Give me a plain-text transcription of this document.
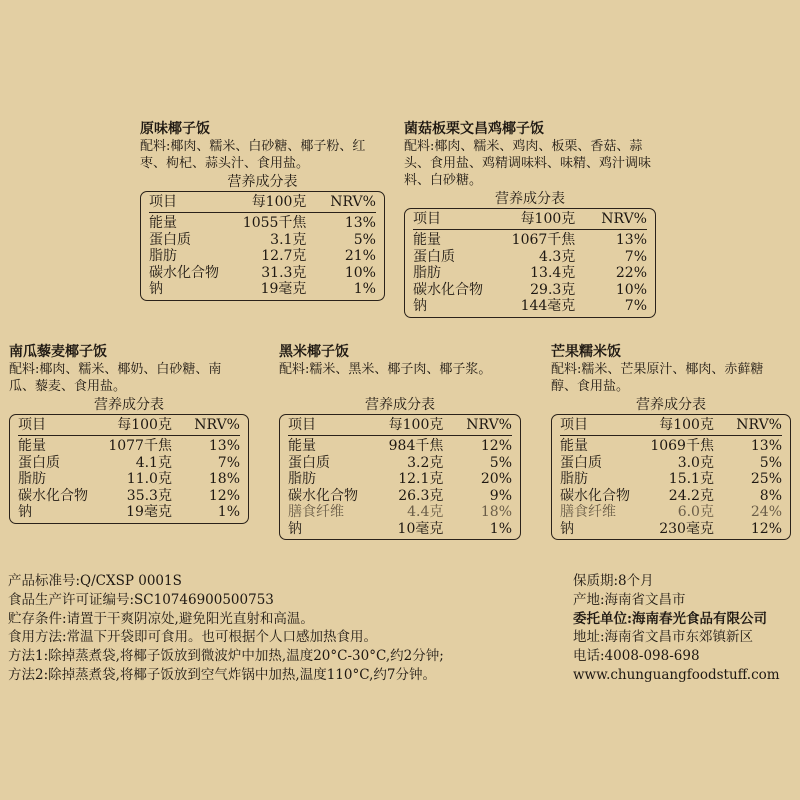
原味椰子饭
配料:椰肉、糯米、白砂糖、椰子粉、红枣、枸杞、蒜头汁、食用盐。
营养成分表
项目	每100克	NRV%
能量	1055千焦	13%
蛋白质	3.1克	5%
脂肪	12.7克	21%
碳水化合物	31.3克	10%
钠	19毫克	1%
菌菇板栗文昌鸡椰子饭
配料:椰肉、糯米、鸡肉、板栗、香菇、蒜头、食用盐、鸡精调味料、味精、鸡汁调味料、白砂糖。
营养成分表
项目	每100克	NRV%
能量	1067千焦	13%
蛋白质	4.3克	7%
脂肪	13.4克	22%
碳水化合物	29.3克	10%
钠	144毫克	7%
南瓜藜麦椰子饭
配料:椰肉、糯米、椰奶、白砂糖、南瓜、藜麦、食用盐。
营养成分表
项目	每100克	NRV%
能量	1077千焦	13%
蛋白质	4.1克	7%
脂肪	11.0克	18%
碳水化合物	35.3克	12%
钠	19毫克	1%
黑米椰子饭
配料:糯米、黑米、椰子肉、椰子浆。
营养成分表
项目	每100克	NRV%
能量	984千焦	12%
蛋白质	3.2克	5%
脂肪	12.1克	20%
碳水化合物	26.3克	9%
膳食纤维	4.4克	18%
钠	10毫克	1%
芒果糯米饭
配料:糯米、芒果原汁、椰肉、赤藓糖醇、食用盐。
营养成分表
项目	每100克	NRV%
能量	1069千焦	13%
蛋白质	3.0克	5%
脂肪	15.1克	25%
碳水化合物	24.2克	8%
膳食纤维	6.0克	24%
钠	230毫克	12%
产品标准号:Q/CXSP 0001S
食品生产许可证编号:SC10746900500753
贮存条件:请置于干爽阴凉处,避免阳光直射和高温。
食用方法:常温下开袋即可食用。也可根据个人口感加热食用。
方法1:除掉蒸煮袋,将椰子饭放到微波炉中加热,温度20°C-30°C,约2分钟;
方法2:除掉蒸煮袋,将椰子饭放到空气炸锅中加热,温度110°C,约7分钟。
保质期:8个月
产地:海南省文昌市
委托单位:海南春光食品有限公司
地址:海南省文昌市东郊镇新区
电话:4008-098-698
www.chunguangfoodstuff.com
